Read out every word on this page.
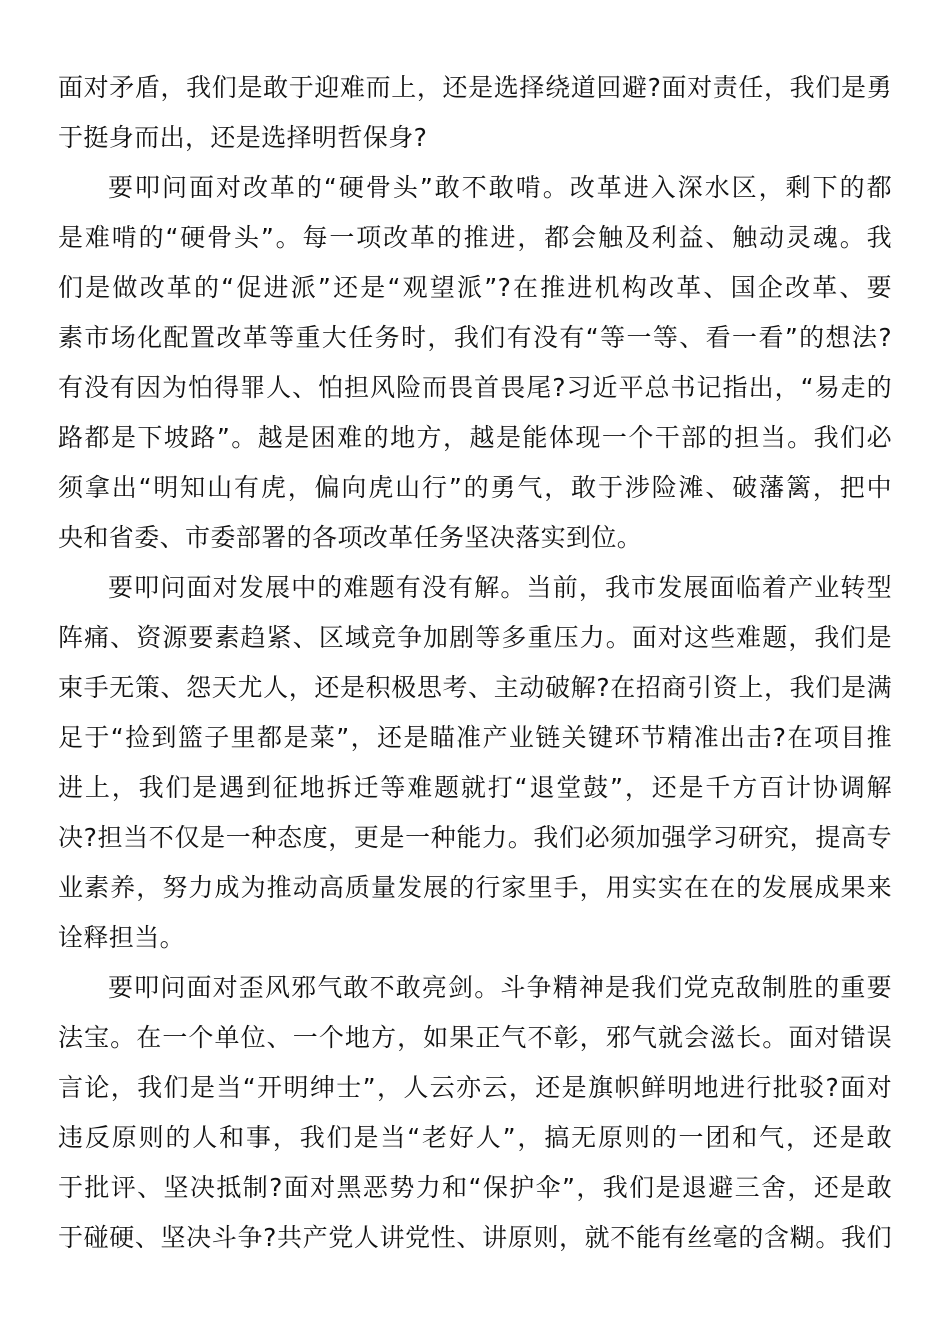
面对矛盾，我们是敢于迎难而上，还是选择绕道回避?面对责任，我们是勇
于挺身而出，还是选择明哲保身?
要叩问面对改革的“硬骨头”敢不敢啃。改革进入深水区，剩下的都
是难啃的“硬骨头”。每一项改革的推进，都会触及利益、触动灵魂。我
们是做改革的“促进派”还是“观望派”?在推进机构改革、国企改革、要
素市场化配置改革等重大任务时，我们有没有“等一等、看一看”的想法?
有没有因为怕得罪人、怕担风险而畏首畏尾?习近平总书记指出，“易走的
路都是下坡路”。越是困难的地方，越是能体现一个干部的担当。我们必
须拿出“明知山有虎，偏向虎山行”的勇气，敢于涉险滩、破藩篱，把中
央和省委、市委部署的各项改革任务坚决落实到位。
要叩问面对发展中的难题有没有解。当前，我市发展面临着产业转型
阵痛、资源要素趋紧、区域竞争加剧等多重压力。面对这些难题，我们是
束手无策、怨天尤人，还是积极思考、主动破解?在招商引资上，我们是满
足于“捡到篮子里都是菜”，还是瞄准产业链关键环节精准出击?在项目推
进上，我们是遇到征地拆迁等难题就打“退堂鼓”，还是千方百计协调解
决?担当不仅是一种态度，更是一种能力。我们必须加强学习研究，提高专
业素养，努力成为推动高质量发展的行家里手，用实实在在的发展成果来
诠释担当。
要叩问面对歪风邪气敢不敢亮剑。斗争精神是我们党克敌制胜的重要
法宝。在一个单位、一个地方，如果正气不彰，邪气就会滋长。面对错误
言论，我们是当“开明绅士”，人云亦云，还是旗帜鲜明地进行批驳?面对
违反原则的人和事，我们是当“老好人”，搞无原则的一团和气，还是敢
于批评、坚决抵制?面对黑恶势力和“保护伞”，我们是退避三舍，还是敢
于碰硬、坚决斗争?共产党人讲党性、讲原则，就不能有丝毫的含糊。我们
